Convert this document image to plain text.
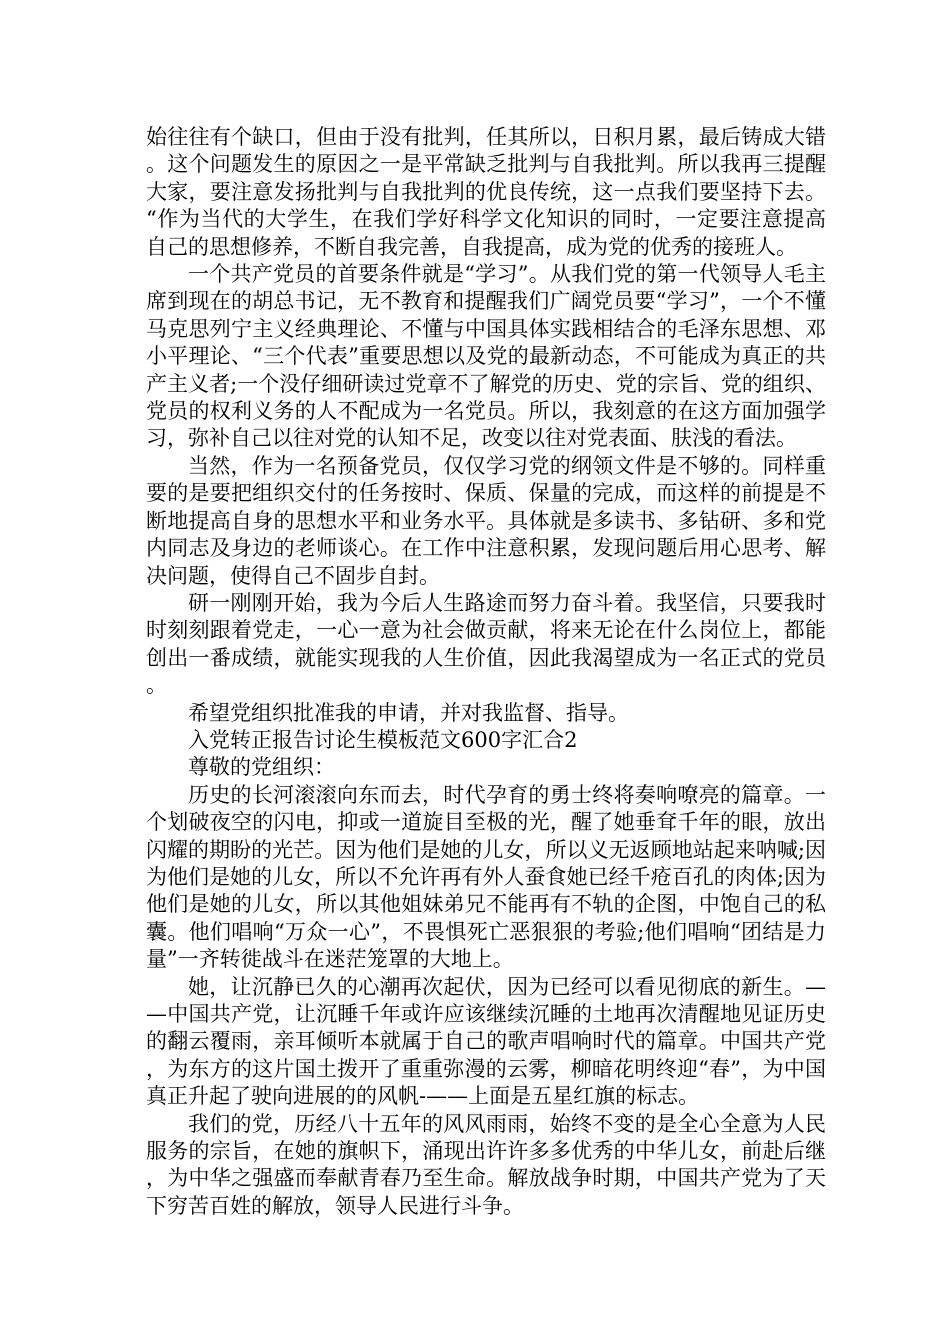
始往往有个缺口，但由于没有批判，任其所以，日积月累，最后铸成大错。这个问题发生的原因之一是平常缺乏批判与自我批判。所以我再三提醒大家，要注意发扬批判与自我批判的优良传统，这一点我们要坚持下去。“作为当代的大学生，在我们学好科学文化知识的同时，一定要注意提高自己的思想修养，不断自我完善，自我提高，成为党的优秀的接班人。

一个共产党员的首要条件就是“学习”。从我们党的第一代领导人毛主席到现在的胡总书记，无不教育和提醒我们广阔党员要“学习”，一个不懂马克思列宁主义经典理论、不懂与中国具体实践相结合的毛泽东思想、邓小平理论、“三个代表”重要思想以及党的最新动态，不可能成为真正的共产主义者;一个没仔细研读过党章不了解党的历史、党的宗旨、党的组织、党员的权利义务的人不配成为一名党员。所以，我刻意的在这方面加强学习，弥补自己以往对党的认知不足，改变以往对党表面、肤浅的看法。

当然，作为一名预备党员，仅仅学习党的纲领文件是不够的。同样重要的是要把组织交付的任务按时、保质、保量的完成，而这样的前提是不断地提高自身的思想水平和业务水平。具体就是多读书、多钻研、多和党内同志及身边的老师谈心。在工作中注意积累，发现问题后用心思考、解决问题，使得自己不固步自封。

研一刚刚开始，我为今后人生路途而努力奋斗着。我坚信，只要我时时刻刻跟着党走，一心一意为社会做贡献，将来无论在什么岗位上，都能创出一番成绩，就能实现我的人生价值，因此我渴望成为一名正式的党员。

希望党组织批准我的申请，并对我监督、指导。

入党转正报告讨论生模板范文600字汇合2

尊敬的党组织：

历史的长河滚滚向东而去，时代孕育的勇士终将奏响嘹亮的篇章。一个划破夜空的闪电，抑或一道旋目至极的光，醒了她垂耷千年的眼，放出闪耀的期盼的光芒。因为他们是她的儿女，所以义无返顾地站起来呐喊;因为他们是她的儿女，所以不允许再有外人蚕食她已经千疮百孔的肉体;因为他们是她的儿女，所以其他姐妹弟兄不能再有不轨的企图，中饱自己的私囊。他们唱响“万众一心”，不畏惧死亡恶狠狠的考验;他们唱响“团结是力量”一齐转徙战斗在迷茫笼罩的大地上。

她，让沉静已久的心潮再次起伏，因为已经可以看见彻底的新生。——中国共产党，让沉睡千年或许应该继续沉睡的土地再次清醒地见证历史的翻云覆雨，亲耳倾听本就属于自己的歌声唱响时代的篇章。中国共产党，为东方的这片国土拨开了重重弥漫的云雾，柳暗花明终迎“春”，为中国真正升起了驶向进展的的风帆-——上面是五星红旗的标志。

我们的党，历经八十五年的风风雨雨，始终不变的是全心全意为人民服务的宗旨，在她的旗帜下，涌现出许许多多优秀的中华儿女，前赴后继，为中华之强盛而奉献青春乃至生命。解放战争时期，中国共产党为了天下穷苦百姓的解放，领导人民进行斗争。
